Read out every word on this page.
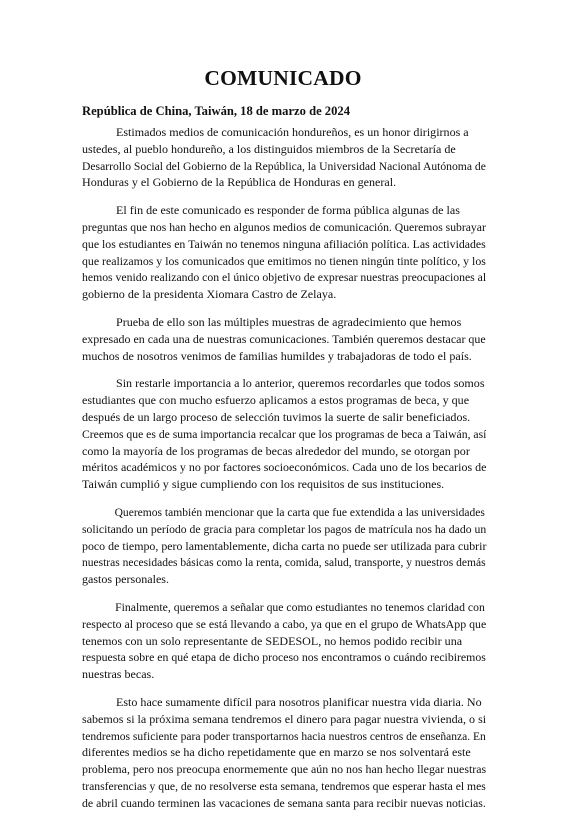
COMUNICADO

República de China, Taiwán, 18 de marzo de 2024

Estimados medios de comunicación hondureños, es un honor dirigirnos a
ustedes, al pueblo hondureño, a los distinguidos miembros de la Secretaría de
Desarrollo Social del Gobierno de la República, la Universidad Nacional Autónoma de
Honduras y el Gobierno de la República de Honduras en general.

El fin de este comunicado es responder de forma pública algunas de las
preguntas que nos han hecho en algunos medios de comunicación. Queremos subrayar
que los estudiantes en Taiwán no tenemos ninguna afiliación política. Las actividades
que realizamos y los comunicados que emitimos no tienen ningún tinte político, y los
hemos venido realizando con el único objetivo de expresar nuestras preocupaciones al
gobierno de la presidenta Xiomara Castro de Zelaya.

Prueba de ello son las múltiples muestras de agradecimiento que hemos
expresado en cada una de nuestras comunicaciones. También queremos destacar que
muchos de nosotros venimos de familias humildes y trabajadoras de todo el país.

Sin restarle importancia a lo anterior, queremos recordarles que todos somos
estudiantes que con mucho esfuerzo aplicamos a estos programas de beca, y que
después de un largo proceso de selección tuvimos la suerte de salir beneficiados.
Creemos que es de suma importancia recalcar que los programas de beca a Taiwán, así
como la mayoría de los programas de becas alrededor del mundo, se otorgan por
méritos académicos y no por factores socioeconómicos. Cada uno de los becarios de
Taiwán cumplió y sigue cumpliendo con los requisitos de sus instituciones.

Queremos también mencionar que la carta que fue extendida a las universidades
solicitando un período de gracia para completar los pagos de matrícula nos ha dado un
poco de tiempo, pero lamentablemente, dicha carta no puede ser utilizada para cubrir
nuestras necesidades básicas como la renta, comida, salud, transporte, y nuestros demás
gastos personales.

Finalmente, queremos a señalar que como estudiantes no tenemos claridad con
respecto al proceso que se está llevando a cabo, ya que en el grupo de WhatsApp que
tenemos con un solo representante de SEDESOL, no hemos podido recibir una
respuesta sobre en qué etapa de dicho proceso nos encontramos o cuándo recibiremos
nuestras becas.

Esto hace sumamente difícil para nosotros planificar nuestra vida diaria. No
sabemos si la próxima semana tendremos el dinero para pagar nuestra vivienda, o si
tendremos suficiente para poder transportarnos hacia nuestros centros de enseñanza. En
diferentes medios se ha dicho repetidamente que en marzo se nos solventará este
problema, pero nos preocupa enormemente que aún no nos han hecho llegar nuestras
transferencias y que, de no resolverse esta semana, tendremos que esperar hasta el mes
de abril cuando terminen las vacaciones de semana santa para recibir nuevas noticias.
